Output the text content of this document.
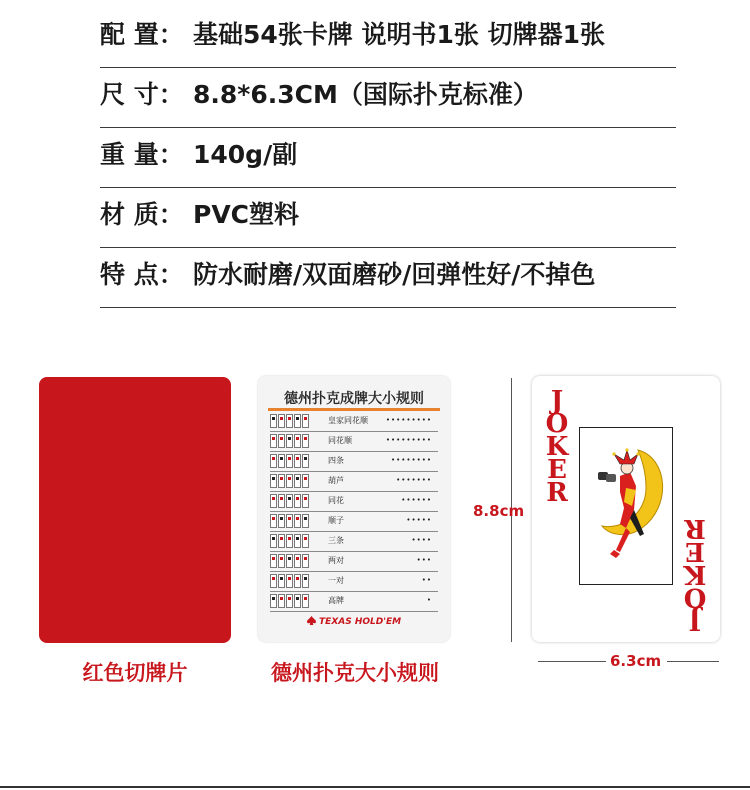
配 置： 基础54张卡牌 说明书1张 切牌器1张
尺 寸： 8.8*6.3CM（国际扑克标准）
重 量： 140g/副
材 质： PVC塑料
特 点： 防水耐磨/双面磨砂/回弹性好/不掉色
红色切牌片
德州扑克成牌大小规则
皇家同花顺	•••••••••
同花顺	•••••••••
四条	••••••••
葫芦	•••••••
同花	••••••
顺子	•••••
三条	••••
两对	•••
一对	••
高牌	•
TEXAS HOLD'EM
德州扑克大小规则
8.8cm
6.3cm
J
O
K
E
R
J
O
K
E
R
